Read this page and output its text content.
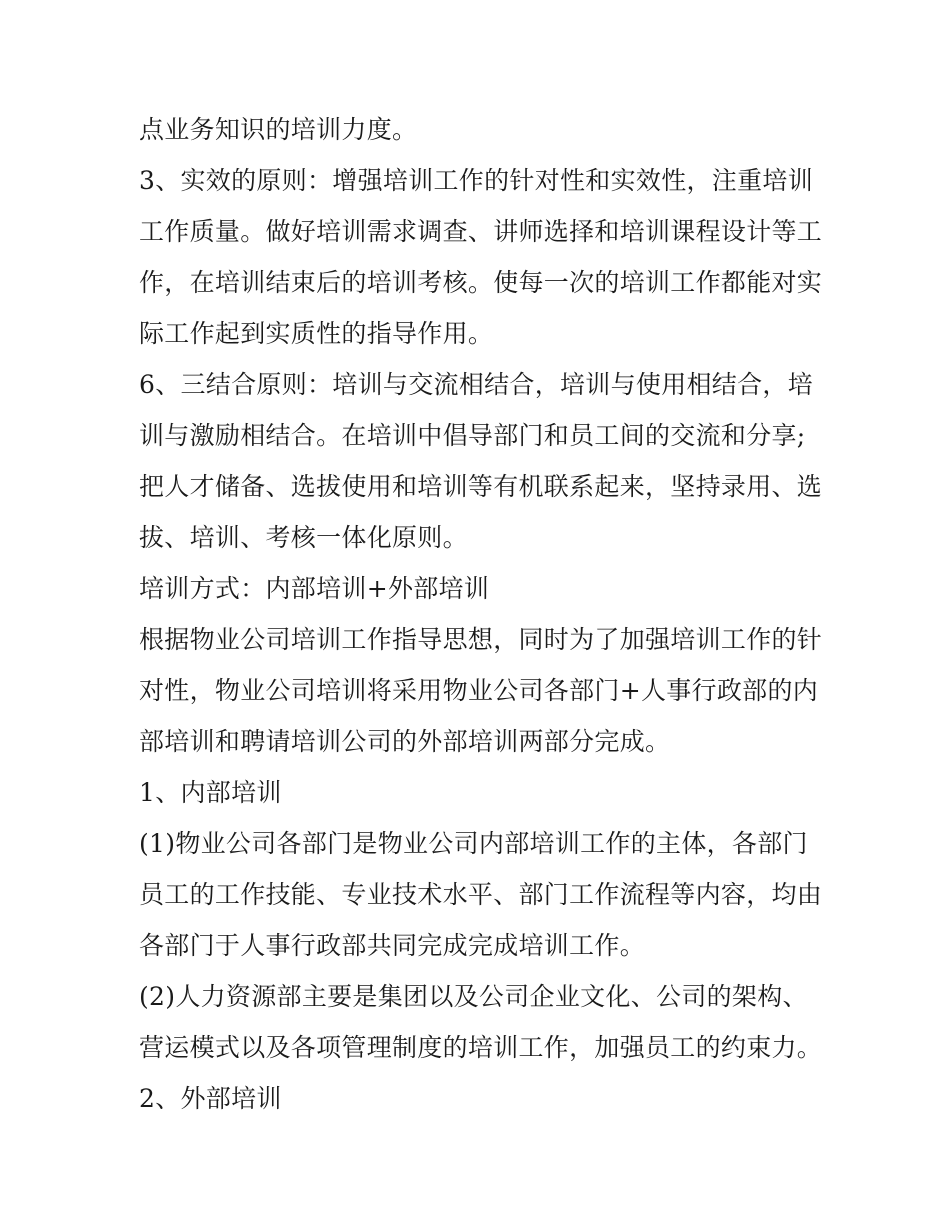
点业务知识的培训力度。
3、实效的原则：增强培训工作的针对性和实效性，注重培训
工作质量。做好培训需求调查、讲师选择和培训课程设计等工
作，在培训结束后的培训考核。使每一次的培训工作都能对实
际工作起到实质性的指导作用。
6、三结合原则：培训与交流相结合，培训与使用相结合，培
训与激励相结合。在培训中倡导部门和员工间的交流和分享;
把人才储备、选拔使用和培训等有机联系起来，坚持录用、选
拔、培训、考核一体化原则。
培训方式：内部培训+外部培训
根据物业公司培训工作指导思想，同时为了加强培训工作的针
对性，物业公司培训将采用物业公司各部门+人事行政部的内
部培训和聘请培训公司的外部培训两部分完成。
1、内部培训
(1)物业公司各部门是物业公司内部培训工作的主体，各部门
员工的工作技能、专业技术水平、部门工作流程等内容，均由
各部门于人事行政部共同完成完成培训工作。
(2)人力资源部主要是集团以及公司企业文化、公司的架构、
营运模式以及各项管理制度的培训工作，加强员工的约束力。
2、外部培训
